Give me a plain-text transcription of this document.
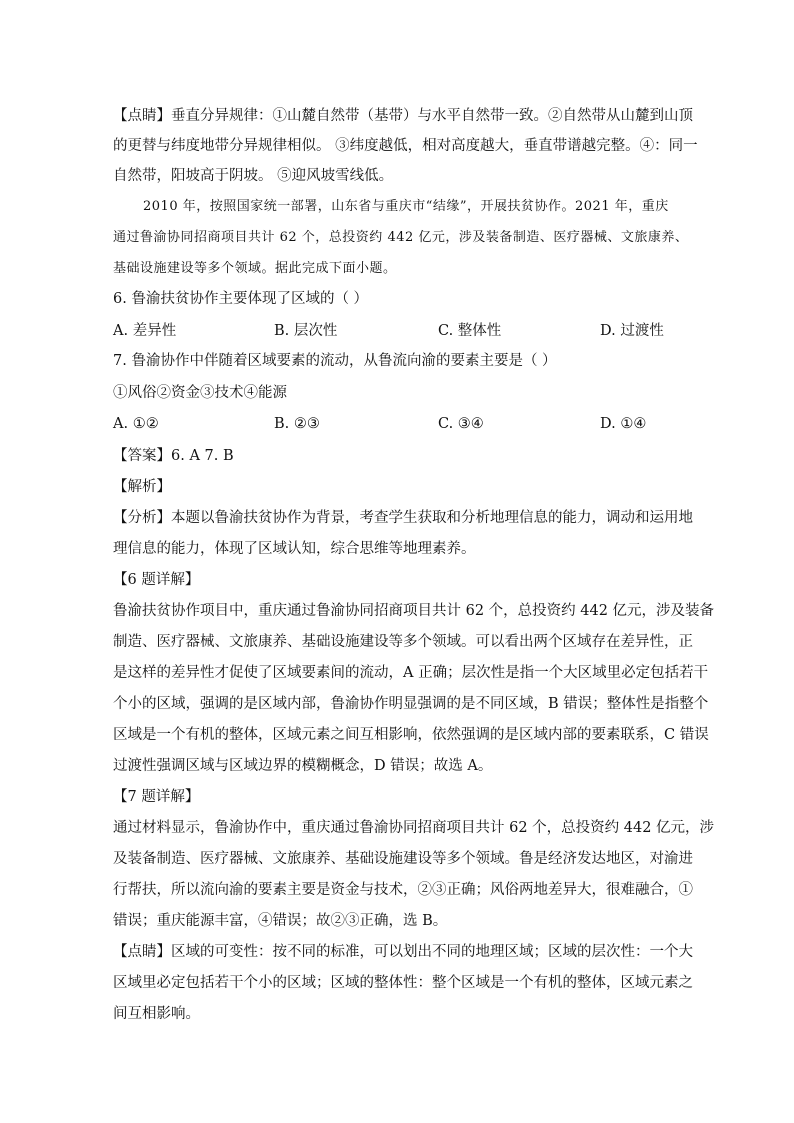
【点睛】垂直分异规律：①山麓自然带（基带）与水平自然带一致。②自然带从山麓到山顶
的更替与纬度地带分异规律相似。 ③纬度越低，相对高度越大，垂直带谱越完整。④：同一
自然带，阳坡高于阴坡。 ⑤迎风坡雪线低。
2010 年，按照国家统一部署，山东省与重庆市“结缘”，开展扶贫协作。2021 年，重庆
通过鲁渝协同招商项目共计 62 个，总投资约 442 亿元，涉及装备制造、医疗器械、文旅康养、
基础设施建设等多个领域。据此完成下面小题。
6. 鲁渝扶贫协作主要体现了区域的（ ）
A. 差异性	B. 层次性	C. 整体性	D. 过渡性
7. 鲁渝协作中伴随着区域要素的流动，从鲁流向渝的要素主要是（ ）
①风俗②资金③技术④能源
A. ①②	B. ②③	C. ③④	D. ①④
【答案】6. A 7. B
【解析】
【分析】本题以鲁渝扶贫协作为背景，考查学生获取和分析地理信息的能力，调动和运用地
理信息的能力，体现了区域认知，综合思维等地理素养。
【6 题详解】
鲁渝扶贫协作项目中，重庆通过鲁渝协同招商项目共计 62 个，总投资约 442 亿元，涉及装备
制造、医疗器械、文旅康养、基础设施建设等多个领域。可以看出两个区域存在差异性，正
是这样的差异性才促使了区域要素间的流动，A 正确；层次性是指一个大区域里必定包括若干
个小的区域，强调的是区域内部，鲁渝协作明显强调的是不同区域，B 错误；整体性是指整个
区域是一个有机的整体，区域元素之间互相影响，依然强调的是区域内部的要素联系，C 错误
过渡性强调区域与区域边界的模糊概念，D 错误；故选 A。
【7 题详解】
通过材料显示，鲁渝协作中，重庆通过鲁渝协同招商项目共计 62 个，总投资约 442 亿元，涉
及装备制造、医疗器械、文旅康养、基础设施建设等多个领域。鲁是经济发达地区，对渝进
行帮扶，所以流向渝的要素主要是资金与技术，②③正确；风俗两地差异大，很难融合，①
错误；重庆能源丰富，④错误；故②③正确，选 B。
【点睛】区域的可变性：按不同的标准，可以划出不同的地理区域；区域的层次性：一个大
区域里必定包括若干个小的区域；区域的整体性：整个区域是一个有机的整体，区域元素之
间互相影响。
